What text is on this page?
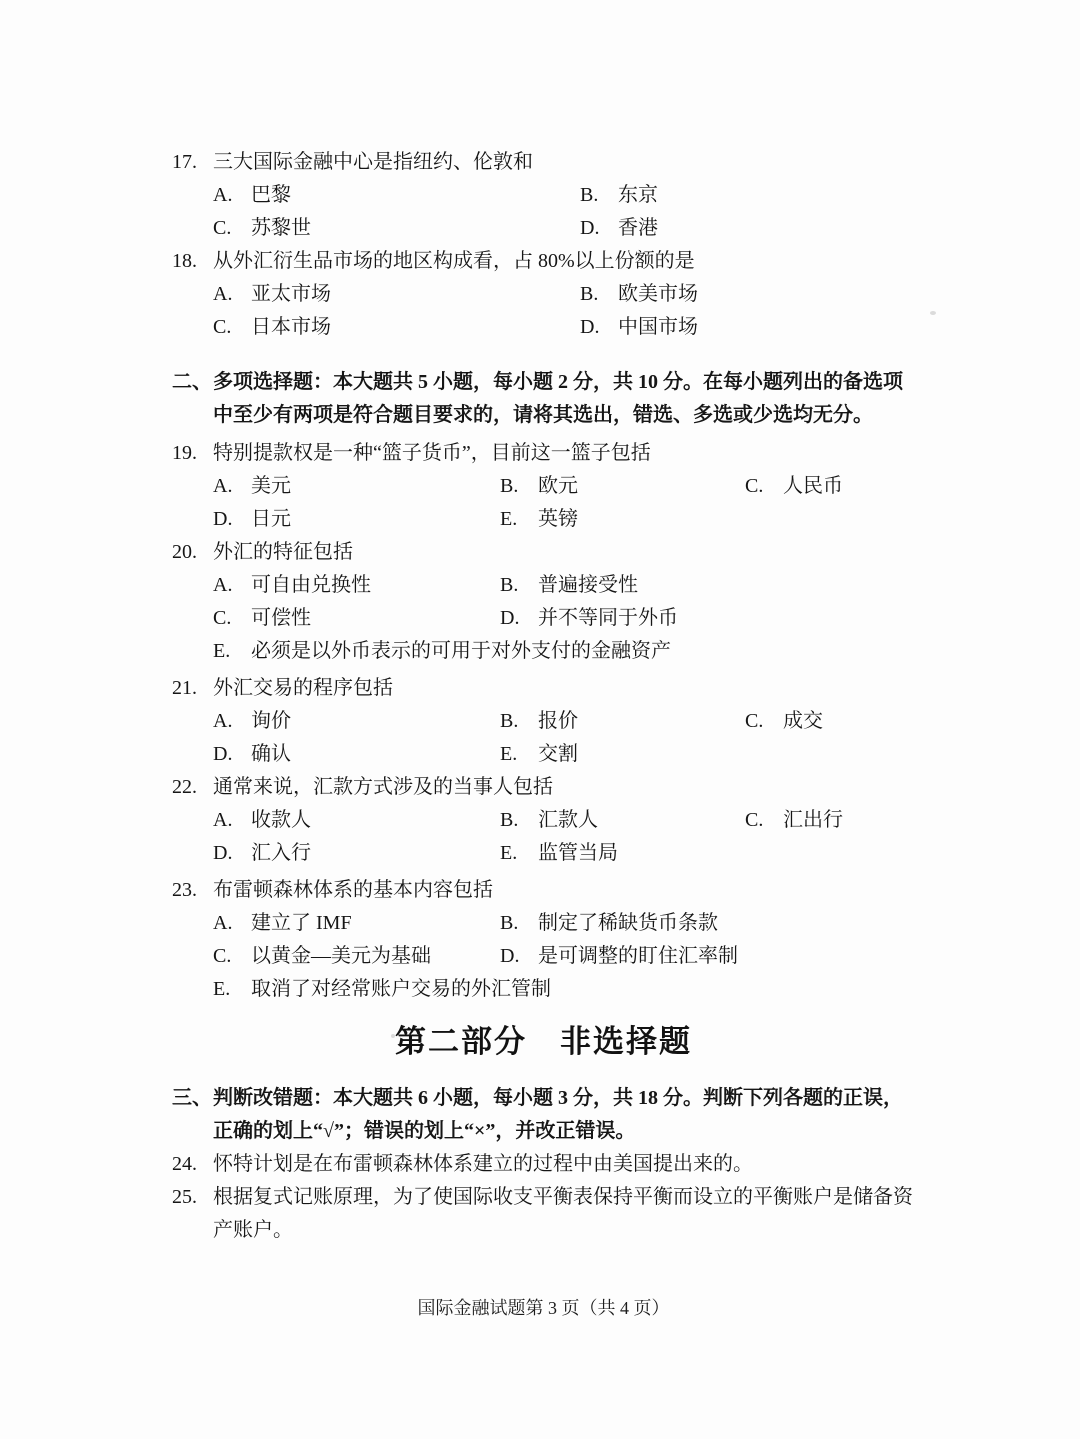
17. 三大国际金融中心是指纽约、伦敦和
A. 巴黎	B. 东京
C. 苏黎世	D. 香港
18. 从外汇衍生品市场的地区构成看，占 80%以上份额的是
A. 亚太市场	B. 欧美市场
C. 日本市场	D. 中国市场
二、 多项选择题：本大题共 5 小题，每小题 2 分，共 10 分。在每小题列出的备选项中至少有两项是符合题目要求的，请将其选出，错选、多选或少选均无分。
19. 特别提款权是一种“篮子货币”，目前这一篮子包括
A. 美元	B. 欧元	C. 人民币
D. 日元	E.	英镑
20. 外汇的特征包括
A. 可自由兑换性	B. 普遍接受性
C. 可偿性	D. 并不等同于外币
E.	必须是以外币表示的可用于对外支付的金融资产
21. 外汇交易的程序包括
A. 询价	B. 报价	C. 成交
D. 确认	E.	交割
22. 通常来说，汇款方式涉及的当事人包括
A. 收款人	B. 汇款人	C. 汇出行
D. 汇入行	E.	监管当局
23. 布雷顿森林体系的基本内容包括
A. 建立了 IMF	B. 制定了稀缺货币条款
C. 以黄金—美元为基础	D. 是可调整的盯住汇率制
E.	取消了对经常账户交易的外汇管制
第二部分　非选择题
三、 判断改错题：本大题共 6 小题，每小题 3 分，共 18 分。判断下列各题的正误，正确的划上“√”；错误的划上“×”，并改正错误。
24. 怀特计划是在布雷顿森林体系建立的过程中由美国提出来的。
25. 根据复式记账原理，为了使国际收支平衡表保持平衡而设立的平衡账户是储备资产账户。
国际金融试题第 3 页（共 4 页）
